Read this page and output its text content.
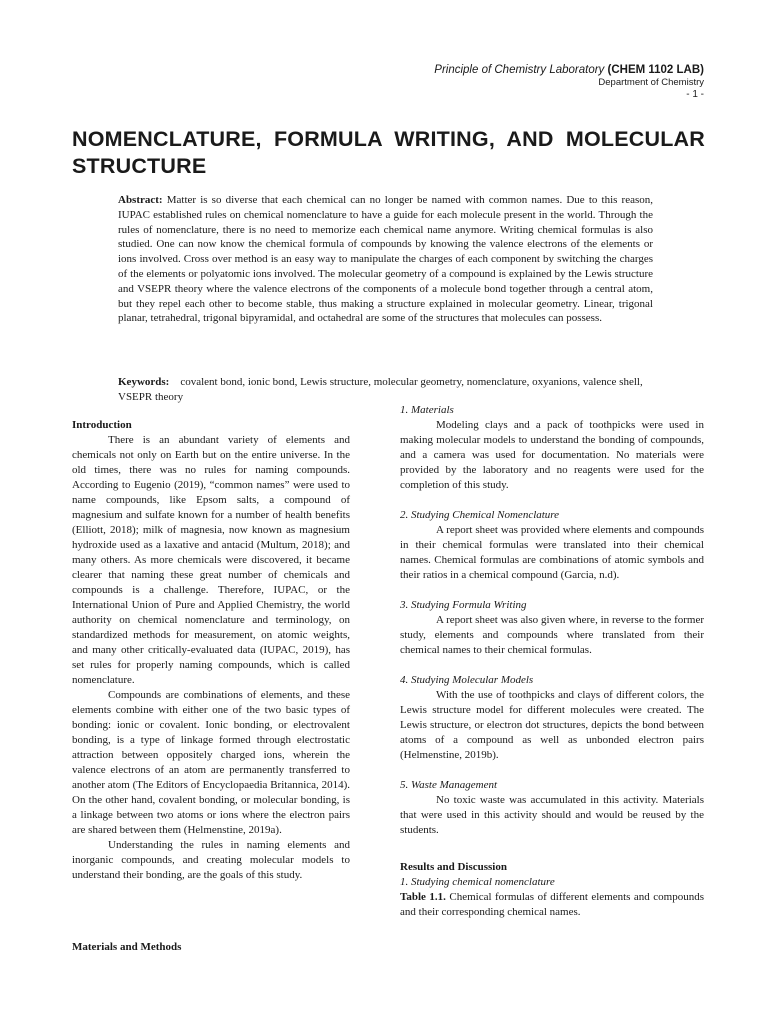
Principle of Chemistry Laboratory (CHEM 1102 LAB)
Department of Chemistry
- 1 -
NOMENCLATURE, FORMULA WRITING, AND MOLECULAR STRUCTURE
Abstract: Matter is so diverse that each chemical can no longer be named with common names. Due to this reason, IUPAC established rules on chemical nomenclature to have a guide for each molecule present in the world. Through the rules of nomenclature, there is no need to memorize each chemical name anymore. Writing chemical formulas is also studied. One can now know the chemical formula of compounds by knowing the valence electrons of the elements or ions involved. Cross over method is an easy way to manipulate the charges of each component by switching the charges of the elements or polyatomic ions involved. The molecular geometry of a compound is explained by the Lewis structure and VSEPR theory where the valence electrons of the components of a molecule bond together through a central atom, but they repel each other to become stable, thus making a structure explained in molecular geometry. Linear, trigonal planar, tetrahedral, trigonal bipyramidal, and octahedral are some of the structures that molecules can possess.
Keywords: covalent bond, ionic bond, Lewis structure, molecular geometry, nomenclature, oxyanions, valence shell, VSEPR theory
Introduction
There is an abundant variety of elements and chemicals not only on Earth but on the entire universe. In the old times, there was no rules for naming compounds. According to Eugenio (2019), “common names” were used to name compounds, like Epsom salts, a compound of magnesium and sulfate known for a number of health benefits (Elliott, 2018); milk of magnesia, now known as magnesium hydroxide used as a laxative and antacid (Multum, 2018); and many others. As more chemicals were discovered, it became clearer that naming these great number of chemicals and compounds is a challenge. Therefore, IUPAC, or the International Union of Pure and Applied Chemistry, the world authority on chemical nomenclature and terminology, on standardized methods for measurement, on atomic weights, and many other critically-evaluated data (IUPAC, 2019), has set rules for properly naming compounds, which is called nomenclature.
Compounds are combinations of elements, and these elements combine with either one of the two basic types of bonding: ionic or covalent. Ionic bonding, or electrovalent bonding, is a type of linkage formed through electrostatic attraction between oppositely charged ions, wherein the valence electrons of an atom are permanently transferred to another atom (The Editors of Encyclopaedia Britannica, 2014). On the other hand, covalent bonding, or molecular bonding, is a linkage between two atoms or ions where the electron pairs are shared between them (Helmenstine, 2019a).
Understanding the rules in naming elements and inorganic compounds, and creating molecular models to understand their bonding, are the goals of this study.
Materials and Methods
1. Materials
Modeling clays and a pack of toothpicks were used in making molecular models to understand the bonding of compounds, and a camera was used for documentation. No materials were provided by the laboratory and no reagents were used for the completion of this study.
2. Studying Chemical Nomenclature
A report sheet was provided where elements and compounds in their chemical formulas were translated into their chemical names. Chemical formulas are combinations of atomic symbols and their ratios in a chemical compound (Garcia, n.d).
3. Studying Formula Writing
A report sheet was also given where, in reverse to the former study, elements and compounds where translated from their chemical names to their chemical formulas.
4. Studying Molecular Models
With the use of toothpicks and clays of different colors, the Lewis structure model for different molecules were created. The Lewis structure, or electron dot structures, depicts the bond between atoms of a compound as well as unbonded electron pairs (Helmenstine, 2019b).
5. Waste Management
No toxic waste was accumulated in this activity. Materials that were used in this activity should and would be reused by the students.
Results and Discussion
1. Studying chemical nomenclature
Table 1.1. Chemical formulas of different elements and compounds and their corresponding chemical names.
